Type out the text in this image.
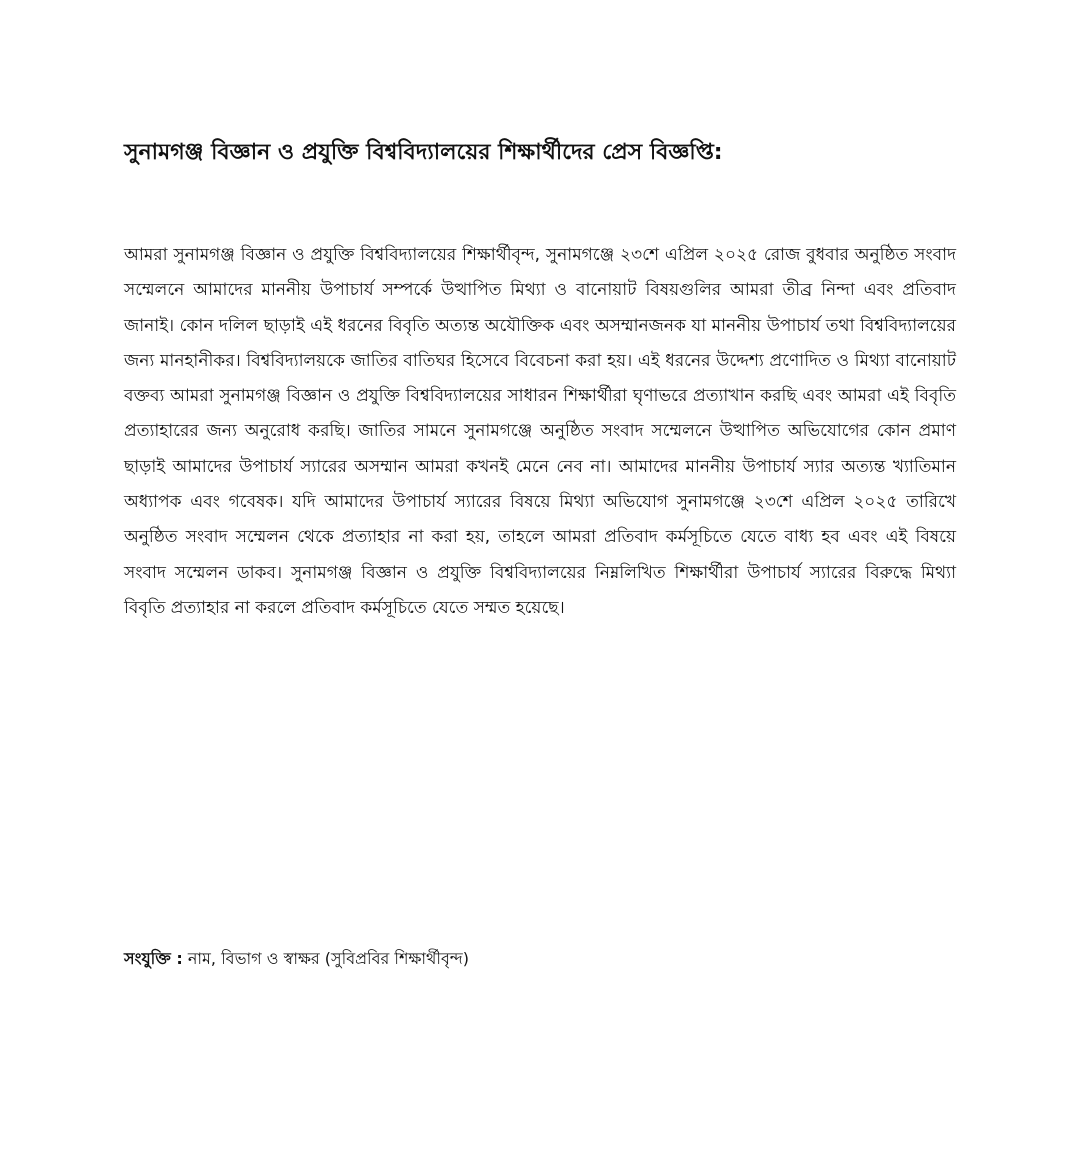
সুনামগঞ্জ বিজ্ঞান ও প্রযুক্তি বিশ্ববিদ্যালয়ের শিক্ষার্থীদের প্রেস বিজ্ঞপ্তি:

আমরা সুনামগঞ্জ বিজ্ঞান ও প্রযুক্তি বিশ্ববিদ্যালয়ের শিক্ষার্থীবৃন্দ, সুনামগঞ্জে ২৩শে এপ্রিল ২০২৫ রোজ বুধবার অনুষ্ঠিত সংবাদ সম্মেলনে আমাদের মাননীয় উপাচার্য সম্পর্কে উত্থাপিত মিথ্যা ও বানোয়াট বিষয়গুলির আমরা তীব্র নিন্দা এবং প্রতিবাদ জানাই। কোন দলিল ছাড়াই এই ধরনের বিবৃতি অত্যন্ত অযৌক্তিক এবং অসম্মানজনক যা মাননীয় উপাচার্য তথা বিশ্ববিদ্যালয়ের জন্য মানহানীকর। বিশ্ববিদ্যালয়কে জাতির বাতিঘর হিসেবে বিবেচনা করা হয়। এই ধরনের উদ্দেশ্য প্রণোদিত ও মিথ্যা বানোয়াট বক্তব্য আমরা সুনামগঞ্জ বিজ্ঞান ও প্রযুক্তি বিশ্ববিদ্যালয়ের সাধারন শিক্ষার্থীরা ঘৃণাভরে প্রত্যাখান করছি এবং আমরা এই বিবৃতি প্রত্যাহারের জন্য অনুরোধ করছি। জাতির সামনে সুনামগঞ্জে অনুষ্ঠিত সংবাদ সম্মেলনে উত্থাপিত অভিযোগের কোন প্রমাণ ছাড়াই আমাদের উপাচার্য স্যারের অসম্মান আমরা কখনই মেনে নেব না। আমাদের মাননীয় উপাচার্য স্যার অত্যন্ত খ্যাতিমান অধ্যাপক এবং গবেষক। যদি আমাদের উপাচার্য স্যারের বিষয়ে মিথ্যা অভিযোগ সুনামগঞ্জে ২৩শে এপ্রিল ২০২৫ তারিখে অনুষ্ঠিত সংবাদ সম্মেলন থেকে প্রত্যাহার না করা হয়, তাহলে আমরা প্রতিবাদ কর্মসূচিতে যেতে বাধ্য হব এবং এই বিষয়ে সংবাদ সম্মেলন ডাকব। সুনামগঞ্জ বিজ্ঞান ও প্রযুক্তি বিশ্ববিদ্যালয়ের নিম্নলিখিত শিক্ষার্থীরা উপাচার্য স্যারের বিরুদ্ধে মিথ্যা বিবৃতি প্রত্যাহার না করলে প্রতিবাদ কর্মসূচিতে যেতে সম্মত হয়েছে।

সংযুক্তি : নাম, বিভাগ ও স্বাক্ষর (সুবিপ্রবির শিক্ষার্থীবৃন্দ)
